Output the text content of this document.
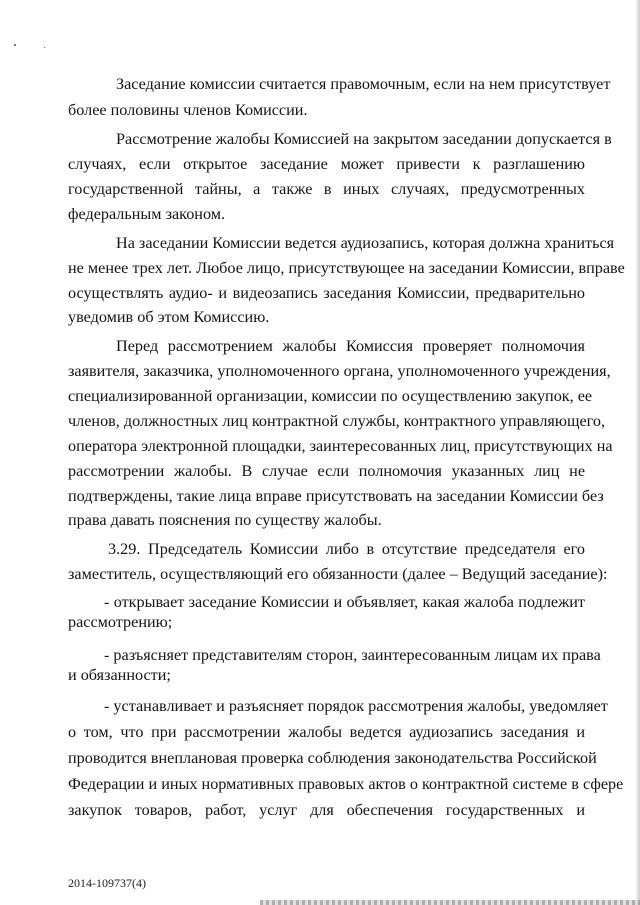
Заседание комиссии считается правомочным, если на нем присутствует

более половины членов Комиссии.

Рассмотрение жалобы Комиссией на закрытом заседании допускается в

случаях, если открытое заседание может привести к разглашению

государственной тайны, а также в иных случаях, предусмотренных

федеральным законом.

На заседании Комиссии ведется аудиозапись, которая должна храниться

не менее трех лет. Любое лицо, присутствующее на заседании Комиссии, вправе

осуществлять аудио- и видеозапись заседания Комиссии, предварительно

уведомив об этом Комиссию.

Перед рассмотрением жалобы Комиссия проверяет полномочия

заявителя, заказчика, уполномоченного органа, уполномоченного учреждения,

специализированной организации, комиссии по осуществлению закупок, ее

членов, должностных лиц контрактной службы, контрактного управляющего,

оператора электронной площадки, заинтересованных лиц, присутствующих на

рассмотрении жалобы. В случае если полномочия указанных лиц не

подтверждены, такие лица вправе присутствовать на заседании Комиссии без

права давать пояснения по существу жалобы.

3.29. Председатель Комиссии либо в отсутствие председателя его

заместитель, осуществляющий его обязанности (далее – Ведущий заседание):

- открывает заседание Комиссии и объявляет, какая жалоба подлежит

рассмотрению;

- разъясняет представителям сторон, заинтересованным лицам их права

и обязанности;

- устанавливает и разъясняет порядок рассмотрения жалобы, уведомляет

о том, что при рассмотрении жалобы ведется аудиозапись заседания и

проводится внеплановая проверка соблюдения законодательства Российской

Федерации и иных нормативных правовых актов о контрактной системе в сфере

закупок товаров, работ, услуг для обеспечения государственных и

2014-109737(4)
